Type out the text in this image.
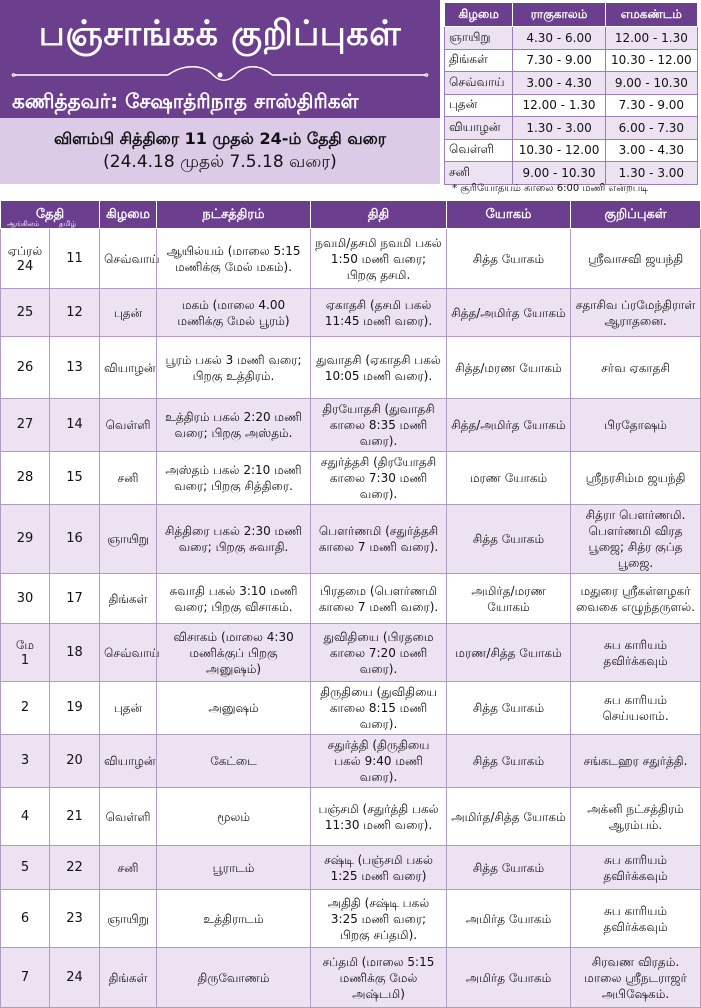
பஞ்சாங்கக் குறிப்புகள்
கணித்தவர்: சேஷாத்ரிநாத சாஸ்திரிகள்
விளம்பி சித்திரை 11 முதல் 24-ம் தேதி வரை
(24.4.18 முதல் 7.5.18 வரை)
கிழமை	ராகுகாலம்	எமகண்டம்
ஞாயிறு	4.30 - 6.00	12.00 - 1.30
திங்கள்	7.30 - 9.00	10.30 - 12.00
செவ்வாய்	3.00 - 4.30	9.00 - 10.30
புதன்	12.00 - 1.30	7.30 - 9.00
வியாழன்	1.30 - 3.00	6.00 - 7.30
வெள்ளி	10.30 - 12.00	3.00 - 4.30
சனி	9.00 - 10.30	1.30 - 3.00
* சூரியோதயம் காலை 6:00 மணி என்றபடி
தேதி
ஆங்கிலம் தமிழ்		கிழமை	நட்சத்திரம்	திதி	யோகம்	குறிப்புகள்

ஏப்ரல்
24	11	செவ்வாய்	ஆயில்யம் (மாலை 5:15 மணிக்கு மேல் மகம்).	நவமி/தசமி நவமி பகல் 1:50 மணி வரை; பிறகு தசமி.	சித்த யோகம்	ஸ்ரீவாசவி ஜயந்தி
25	12	புதன்	மகம் (மாலை 4.00 மணிக்கு மேல் பூரம்)	ஏகாதசி (தசமி பகல் 11:45 மணி வரை).	சித்த/அமிர்த யோகம்	சதாசிவ ப்ரமேந்திராள் ஆராதனை.
26	13	வியாழன்	பூரம் பகல் 3 மணி வரை; பிறகு உத்திரம்.	துவாதசி (ஏகாதசி பகல் 10:05 மணி வரை).	சித்த/மரண யோகம்	சர்வ ஏகாதசி
27	14	வெள்ளி	உத்திரம் பகல் 2:20 மணி வரை; பிறகு அஸ்தம்.	திரயோதசி (துவாதசி காலை 8:35 மணி வரை).	சித்த/அமிர்த யோகம்	பிரதோஷம்
28	15	சனி	அஸ்தம் பகல் 2:10 மணி வரை; பிறகு சித்திரை.	சதுர்த்தசி (திரயோதசி காலை 7:30 மணி வரை).	மரண யோகம்	ஸ்ரீநரசிம்ம ஜயந்தி
29	16	ஞாயிறு	சித்திரை பகல் 2:30 மணி வரை; பிறகு சுவாதி.	பௌர்ணமி (சதுர்த்தசி காலை 7 மணி வரை).	சித்த யோகம்	சித்ரா பௌர்ணமி. பௌர்ணமி விரத பூஜை; சித்ர குப்த பூஜை.
30	17	திங்கள்	சுவாதி பகல் 3:10 மணி வரை; பிறகு விசாகம்.	பிரதமை (பௌர்ணமி காலை 7 மணி வரை).	அமிர்த/மரண யோகம்	மதுரை ஸ்ரீகள்ளழகர் வைகை எழுந்தருளல்.

மே
1	18	செவ்வாய்	விசாகம் (மாலை 4:30 மணிக்குப் பிறகு அனுஷம்)	துவிதியை (பிரதமை காலை 7:20 மணி வரை).	மரண/சித்த யோகம்	சுப காரியம் தவிர்க்கவும்
2	19	புதன்	அனுஷம்	திருதியை (துவிதியை காலை 8:15 மணி வரை).	சித்த யோகம்	சுப காரியம் செய்யலாம்.
3	20	வியாழன்	கேட்டை	சதுர்த்தி (திருதியை பகல் 9:40 மணி வரை).	சித்த யோகம்	சங்கடஹர சதுர்த்தி.
4	21	வெள்ளி	மூலம்	பஞ்சமி (சதுர்த்தி பகல் 11:30 மணி வரை).	அமிர்த/சித்த யோகம்	அக்னி நட்சத்திரம் ஆரம்பம்.
5	22	சனி	பூராடம்	சஷ்டி (பஞ்சமி பகல் 1:25 மணி வரை)	சித்த யோகம்	சுப காரியம் தவிர்க்கவும்
6	23	ஞாயிறு	உத்திராடம்	அதிதி (சஷ்டி பகல் 3:25 மணி வரை; பிறகு சப்தமி).	அமிர்த யோகம்	சுப காரியம் தவிர்க்கவும்
7	24	திங்கள்	திருவோணம்	சப்தமி (மாலை 5:15 மணிக்கு மேல் அஷ்டமி)	அமிர்த யோகம்	சிரவண விரதம். மாலை ஸ்ரீநடராஜர் அபிஷேகம்.
